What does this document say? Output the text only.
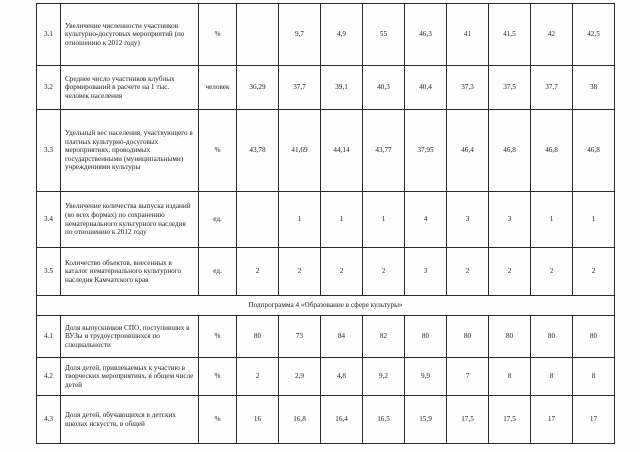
3.1	Увеличение численности участников культурно-досуговых мероприятий (по отношению к 2012 году)	%		9,7	4,9	55	46,3	41	41,5	42	42,5
3.2	Среднее число участников клубных формирований в расчете на 1 тыс. человек населения	человек	36,29	37,7	39,1	40,3	40,4	37,3	37,5	37,7	38
3.3	Удельный вес населения, участвующего в платных культурно-досуговых мероприятиях, проводимых государственными (муниципальными) учреждениями культуры	%	43,78	41,69	44,14	43,77	37,95	46,4	46,8	46,8	46,8
3.4	Увеличение количества выпуска изданий (во всех формах) по сохранению нематериального культурного наследия по отношению к 2012 году	ед.		1	1	1	4	3	3	1	1
3.5	Количество объектов, внесенных в каталог нематериального культурного наследия Камчатского края	ед.	2	2	2	2	3	2	2	2	2
Подпрограмма 4 «Образование в сфере культуры»											
4.1	Доля выпускников СПО, поступивших в ВУЗы и трудоустроившихся по специальности	%	80	73	84	82	80	80	80	80	80
4.2	Доля детей, привлекаемых к участию в творческих мероприятиях, в общем числе детей	%	2	2,9	4,8	9,2	9,9	7	8	8	8
4.3	Доля детей, обучающихся в детских школах искусств, в общей	%	16	16,8	16,4	16,5	15,9	17,5	17,5	17	17
